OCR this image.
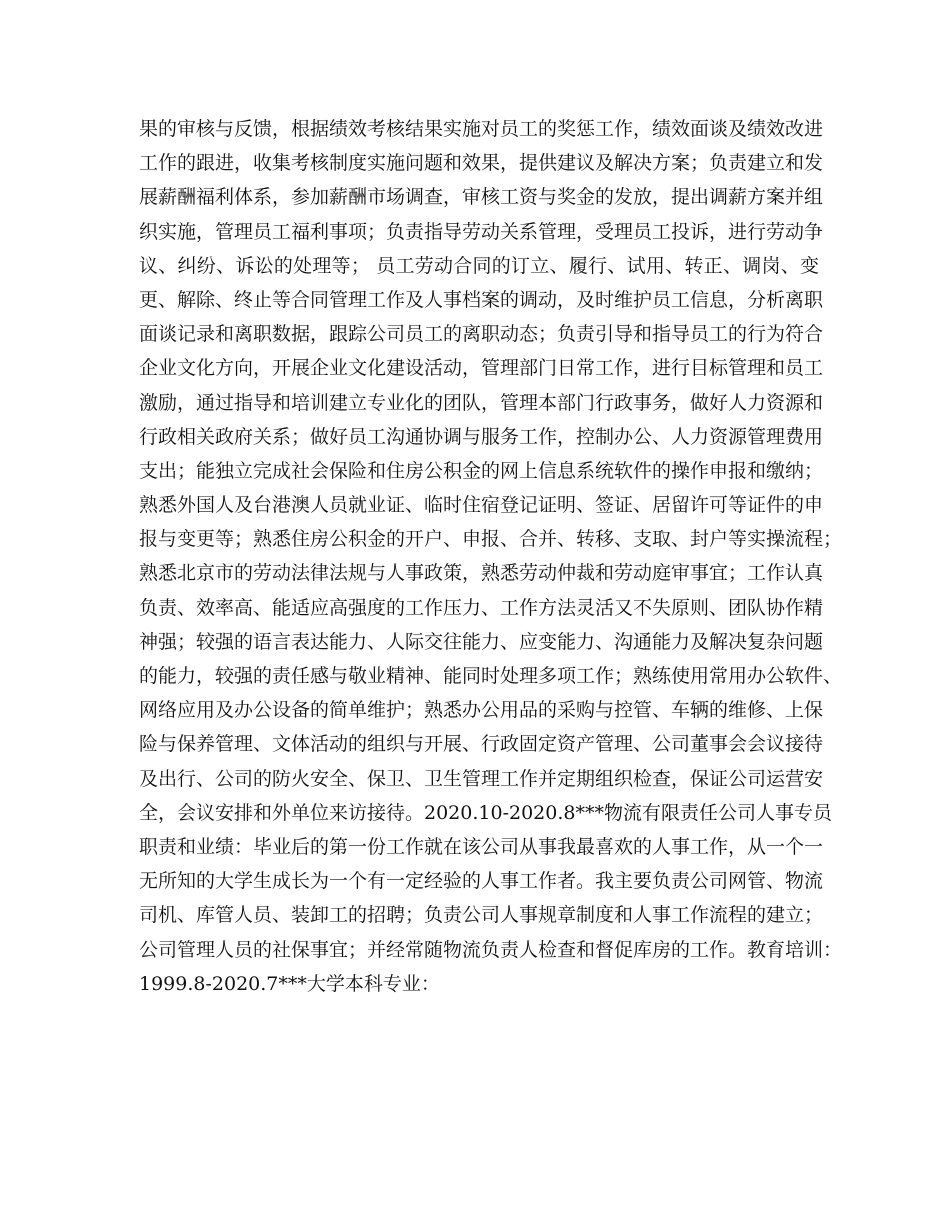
果的审核与反馈，根据绩效考核结果实施对员工的奖惩工作，绩效面谈及绩效改进
工作的跟进，收集考核制度实施问题和效果，提供建议及解决方案；负责建立和发
展薪酬福利体系，参加薪酬市场调查，审核工资与奖金的发放，提出调薪方案并组
织实施，管理员工福利事项；负责指导劳动关系管理，受理员工投诉，进行劳动争
议、纠纷、诉讼的处理等； 员工劳动合同的订立、履行、试用、转正、调岗、变
更、解除、终止等合同管理工作及人事档案的调动，及时维护员工信息，分析离职
面谈记录和离职数据，跟踪公司员工的离职动态；负责引导和指导员工的行为符合
企业文化方向，开展企业文化建设活动，管理部门日常工作，进行目标管理和员工
激励，通过指导和培训建立专业化的团队，管理本部门行政事务，做好人力资源和
行政相关政府关系；做好员工沟通协调与服务工作，控制办公、人力资源管理费用
支出；能独立完成社会保险和住房公积金的网上信息系统软件的操作申报和缴纳；
熟悉外国人及台港澳人员就业证、临时住宿登记证明、签证、居留许可等证件的申
报与变更等；熟悉住房公积金的开户、申报、合并、转移、支取、封户等实操流程；
熟悉北京市的劳动法律法规与人事政策，熟悉劳动仲裁和劳动庭审事宜；工作认真
负责、效率高、能适应高强度的工作压力、工作方法灵活又不失原则、团队协作精
神强；较强的语言表达能力、人际交往能力、应变能力、沟通能力及解决复杂问题
的能力，较强的责任感与敬业精神、能同时处理多项工作；熟练使用常用办公软件、
网络应用及办公设备的简单维护；熟悉办公用品的采购与控管、车辆的维修、上保
险与保养管理、文体活动的组织与开展、行政固定资产管理、公司董事会会议接待
及出行、公司的防火安全、保卫、卫生管理工作并定期组织检查，保证公司运营安
全，会议安排和外单位来访接待。2020.10-2020.8***物流有限责任公司人事专员
职责和业绩：毕业后的第一份工作就在该公司从事我最喜欢的人事工作，从一个一
无所知的大学生成长为一个有一定经验的人事工作者。我主要负责公司网管、物流
司机、库管人员、装卸工的招聘；负责公司人事规章制度和人事工作流程的建立；
公司管理人员的社保事宜；并经常随物流负责人检查和督促库房的工作。教育培训：
1999.8-2020.7***大学本科专业：
